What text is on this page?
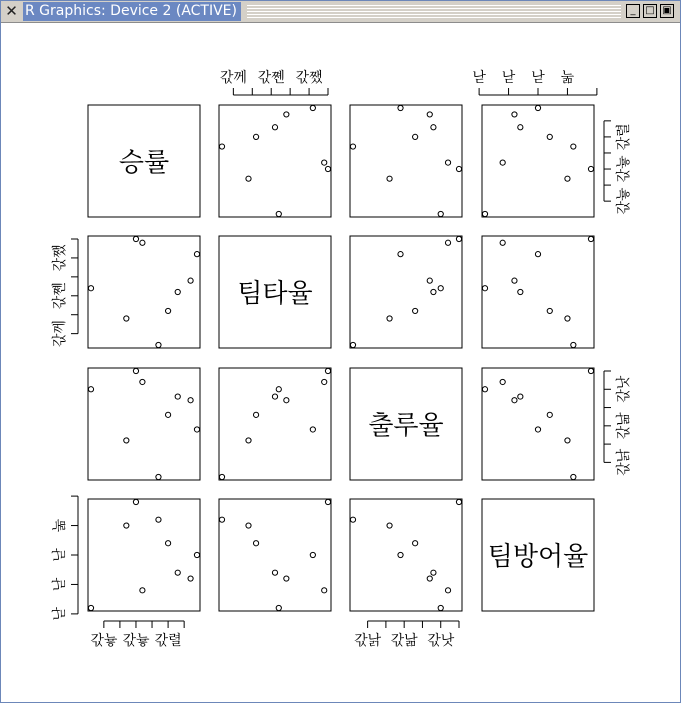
✕ R Graphics: Device 2 (ACTIVE)	_ □ ▣
승률
팀타율
출루율
팀방어율
갃께 갃쪤 갃쨌	낟 낟 낟 눎
갃늏 갃늏 갃렬	갃낡 갃낢 갃낫
갃께
갃쪤
갃쨌
낟
낟
낟
눎
갃늏
갃늏
갃렬
갃낡
갃낢
갃낫
